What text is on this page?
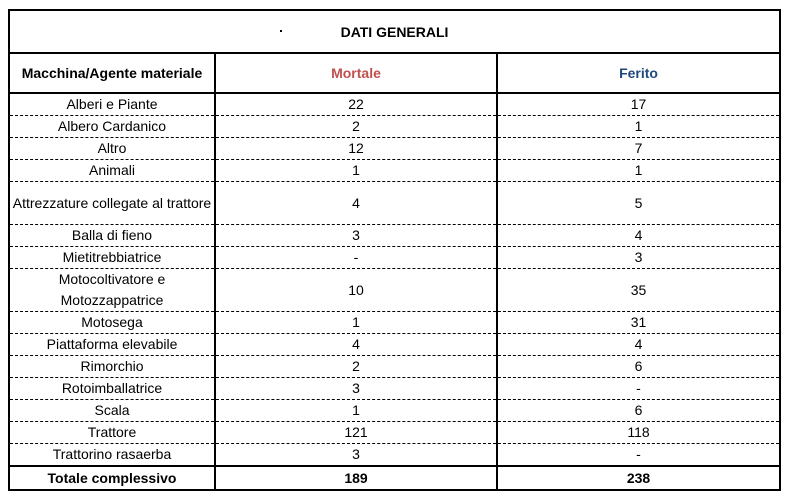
DATI GENERALI		
Macchina/Agente materiale	Mortale	Ferito
Alberi e Piante	22	17
Albero Cardanico	2	1
Altro	12	7
Animali	1	1
Attrezzature collegate al trattore	4	5
Balla di fieno	3	4
Mietitrebbiatrice	-	3
Motocoltivatore e Motozzappatrice	10	35
Motosega	1	31
Piattaforma elevabile	4	4
Rimorchio	2	6
Rotoimballatrice	3	-
Scala	1	6
Trattore	121	118
Trattorino rasaerba	3	-
Totale complessivo	189	238
